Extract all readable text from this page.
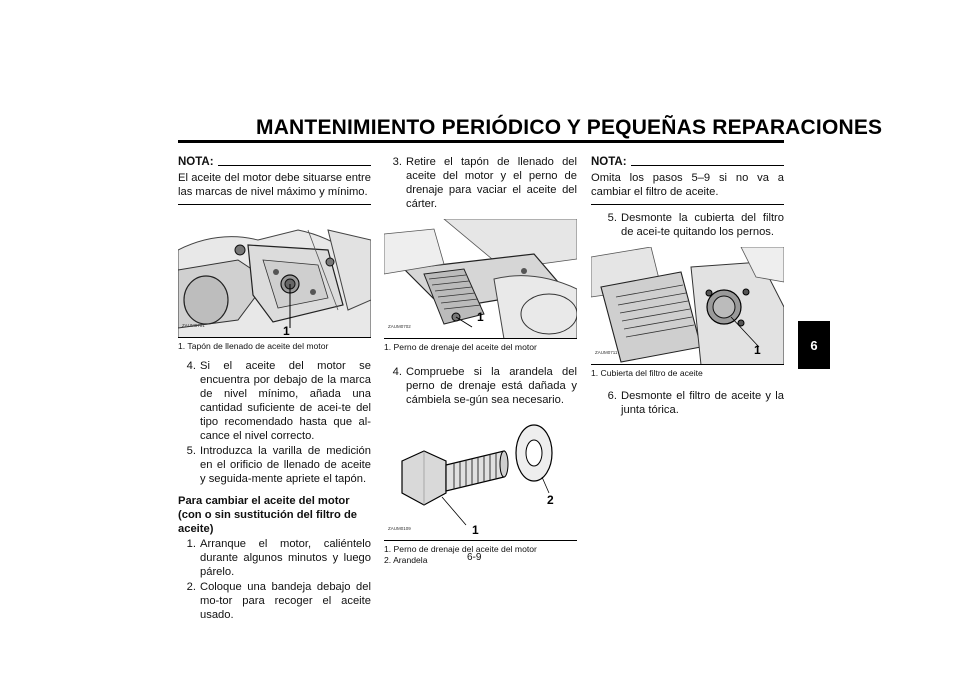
MANTENIMIENTO PERIÓDICO Y PEQUEÑAS REPARACIONES
6
NOTA:
El aceite del motor debe situarse entre las marcas de nivel máximo y mínimo.
ZAUM0701	1
1. Tapón de llenado de aceite del motor
4. Si el aceite del motor se encuentra por debajo de la marca de nivel mínimo, añada una cantidad suficiente de acei-te del tipo recomendado hasta que al-cance el nivel correcto.
5. Introduzca la varilla de medición en el orificio de llenado de aceite y seguida-mente apriete el tapón.
Para cambiar el aceite del motor (con o sin sustitución del filtro de aceite)
1. Arranque el motor, caliéntelo durante algunos minutos y luego párelo.
2. Coloque una bandeja debajo del mo-tor para recoger el aceite usado.
3. Retire el tapón de llenado del aceite del motor y el perno de drenaje para vaciar el aceite del cárter.
ZAUM0702
1
1. Perno de drenaje del aceite del motor
4. Compruebe si la arandela del perno de drenaje está dañada y cámbiela se-gún sea necesario.
ZAUM0109	1
2
1. Perno de drenaje del aceite del motor
2. Arandela
NOTA:
Omita los pasos 5–9 si no va a cambiar el filtro de aceite.
5. Desmonte la cubierta del filtro de acei-te quitando los pernos.
ZAUM0711	1
1. Cubierta del filtro de aceite
6. Desmonte el filtro de aceite y la junta tórica.
6-9
